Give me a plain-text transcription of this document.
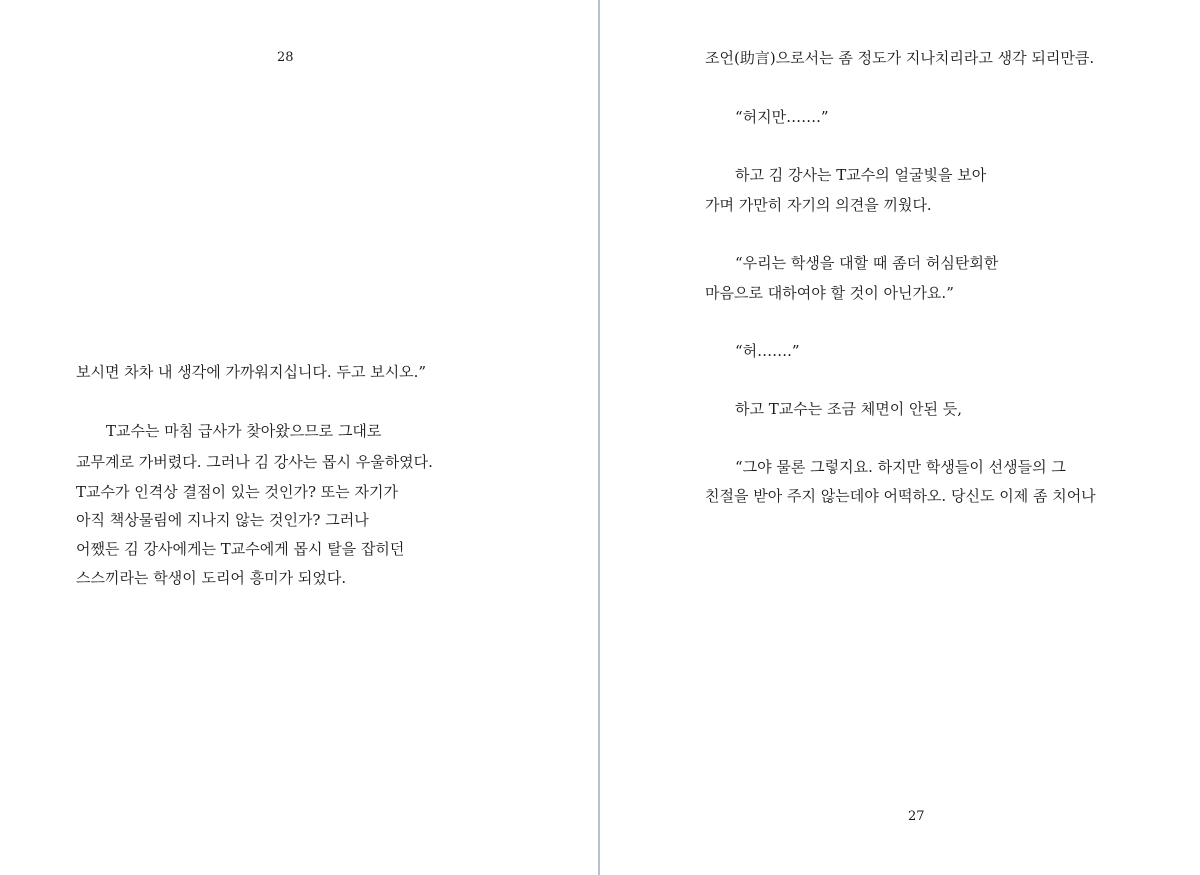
28
보시면 차차 내 생각에 가까워지십니다. 두고 보시오.”
T교수는 마침 급사가 찾아왔으므로 그대로
교무계로 가버렸다. 그러나 김 강사는 몹시 우울하였다.
T교수가 인격상 결점이 있는 것인가? 또는 자기가
아직 책상물림에 지나지 않는 것인가? 그러나
어쨌든 김 강사에게는 T교수에게 몹시 탈을 잡히던
스스끼라는 학생이 도리어 흥미가 되었다.
조언(助言)으로서는 좀 정도가 지나치리라고 생각 되리만큼.
“허지만…….”
하고 김 강사는 T교수의 얼굴빛을 보아
가며 가만히 자기의 의견을 끼웠다.
“우리는 학생을 대할 때 좀더 허심탄회한
마음으로 대하여야 할 것이 아닌가요.”
“허…….”
하고 T교수는 조금 체면이 안된 듯,
“그야 물론 그렇지요. 하지만 학생들이 선생들의 그
친절을 받아 주지 않는데야 어떡하오. 당신도 이제 좀 치어나
27
